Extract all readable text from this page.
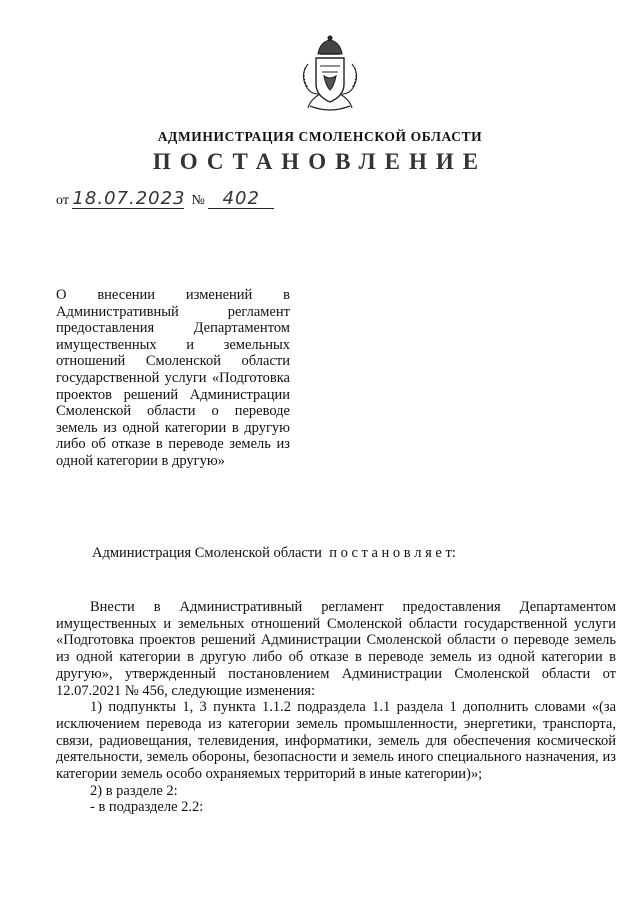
АДМИНИСТРАЦИЯ СМОЛЕНСКОЙ ОБЛАСТИ
ПОСТАНОВЛЕНИЕ
от 18.07.2023 № 402
О внесении изменений в Административный регламент предоставления Департаментом имущественных и земельных отношений Смоленской области государственной услуги «Подготовка проектов решений Администрации Смоленской области о переводе земель из одной категории в другую либо об отказе в переводе земель из одной категории в другую»
Администрация Смоленской области п о с т а н о в л я е т:

Внести в Административный регламент предоставления Департаментом имущественных и земельных отношений Смоленской области государственной услуги «Подготовка проектов решений Администрации Смоленской области о переводе земель из одной категории в другую либо об отказе в переводе земель из одной категории в другую», утвержденный постановлением Администрации Смоленской области от 12.07.2021 № 456, следующие изменения:

1) подпункты 1, 3 пункта 1.1.2 подраздела 1.1 раздела 1 дополнить словами «(за исключением перевода из категории земель промышленности, энергетики, транспорта, связи, радиовещания, телевидения, информатики, земель для обеспечения космической деятельности, земель обороны, безопасности и земель иного специального назначения, из категории земель особо охраняемых территорий в иные категории)»;

2) в разделе 2:

- в подразделе 2.2:
